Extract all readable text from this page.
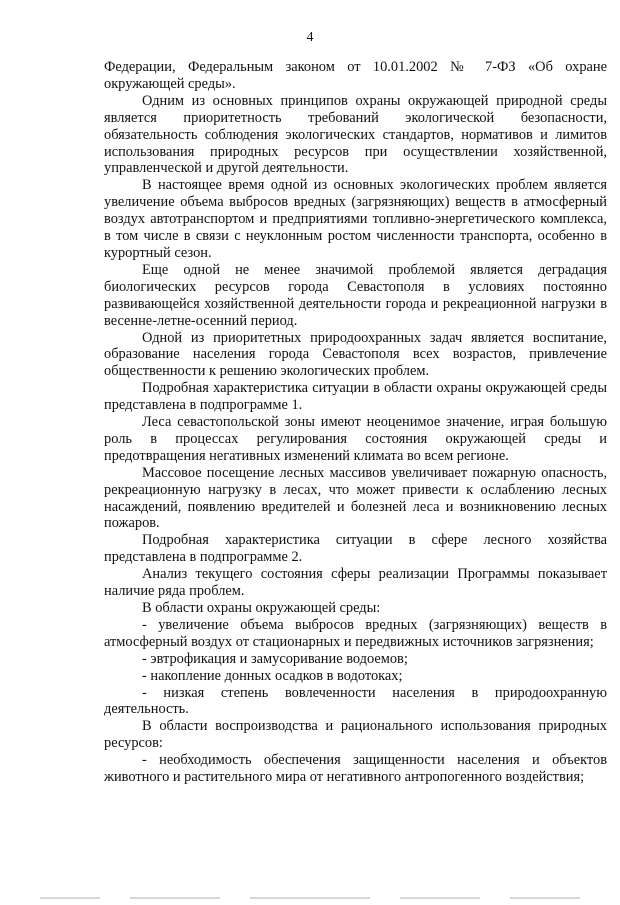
4

Федерации, Федеральным законом от 10.01.2002 № 7-ФЗ «Об охране окружающей среды».

Одним из основных принципов охраны окружающей природной среды является приоритетность требований экологической безопасности, обязательность соблюдения экологических стандартов, нормативов и лимитов использования природных ресурсов при осуществлении хозяйственной, управленческой и другой деятельности.

В настоящее время одной из основных экологических проблем является увеличение объема выбросов вредных (загрязняющих) веществ в атмосферный воздух автотранспортом и предприятиями топливно-энергетического комплекса, в том числе в связи с неуклонным ростом численности транспорта, особенно в курортный сезон.

Еще одной не менее значимой проблемой является деградация биологических ресурсов города Севастополя в условиях постоянно развивающейся хозяйственной деятельности города и рекреационной нагрузки в весенне-летне-осенний период.

Одной из приоритетных природоохранных задач является воспитание, образование населения города Севастополя всех возрастов, привлечение общественности к решению экологических проблем.

Подробная характеристика ситуации в области охраны окружающей среды представлена в подпрограмме 1.

Леса севастопольской зоны имеют неоценимое значение, играя большую роль в процессах регулирования состояния окружающей среды и предотвращения негативных изменений климата во всем регионе.

Массовое посещение лесных массивов увеличивает пожарную опасность, рекреационную нагрузку в лесах, что может привести к ослаблению лесных насаждений, появлению вредителей и болезней леса и возникновению лесных пожаров.

Подробная характеристика ситуации в сфере лесного хозяйства представлена в подпрограмме 2.

Анализ текущего состояния сферы реализации Программы показывает наличие ряда проблем.

В области охраны окружающей среды:

- увеличение объема выбросов вредных (загрязняющих) веществ в атмосферный воздух от стационарных и передвижных источников загрязнения;

- эвтрофикация и замусоривание водоемов;

- накопление донных осадков в водотоках;

- низкая степень вовлеченности населения в природоохранную деятельность.

В области воспроизводства и рационального использования природных ресурсов:

- необходимость обеспечения защищенности населения и объектов животного и растительного мира от негативного антропогенного воздействия;
